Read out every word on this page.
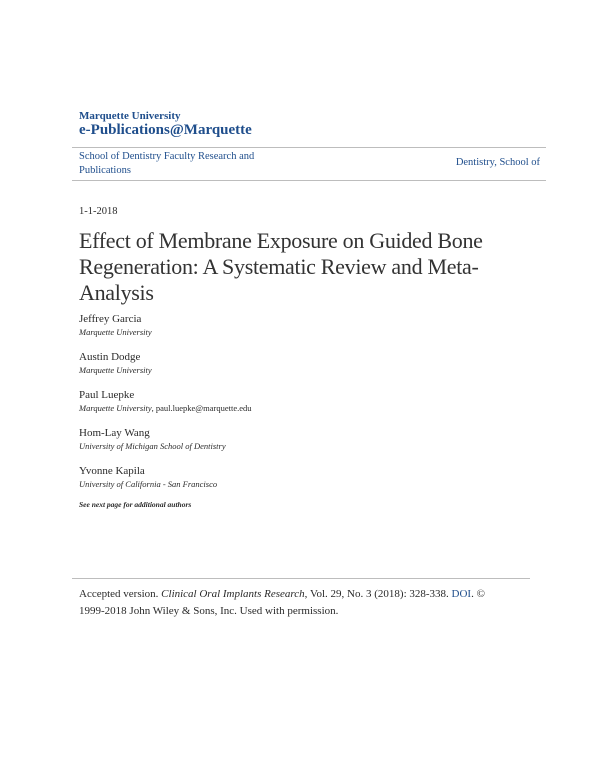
Marquette University
e-Publications@Marquette
School of Dentistry Faculty Research and Publications
Dentistry, School of
1-1-2018
Effect of Membrane Exposure on Guided Bone Regeneration: A Systematic Review and Meta-Analysis
Jeffrey Garcia
Marquette University
Austin Dodge
Marquette University
Paul Luepke
Marquette University, paul.luepke@marquette.edu
Hom-Lay Wang
University of Michigan School of Dentistry
Yvonne Kapila
University of California - San Francisco
See next page for additional authors
Accepted version. Clinical Oral Implants Research, Vol. 29, No. 3 (2018): 328-338. DOI. © 1999-2018 John Wiley & Sons, Inc. Used with permission.
